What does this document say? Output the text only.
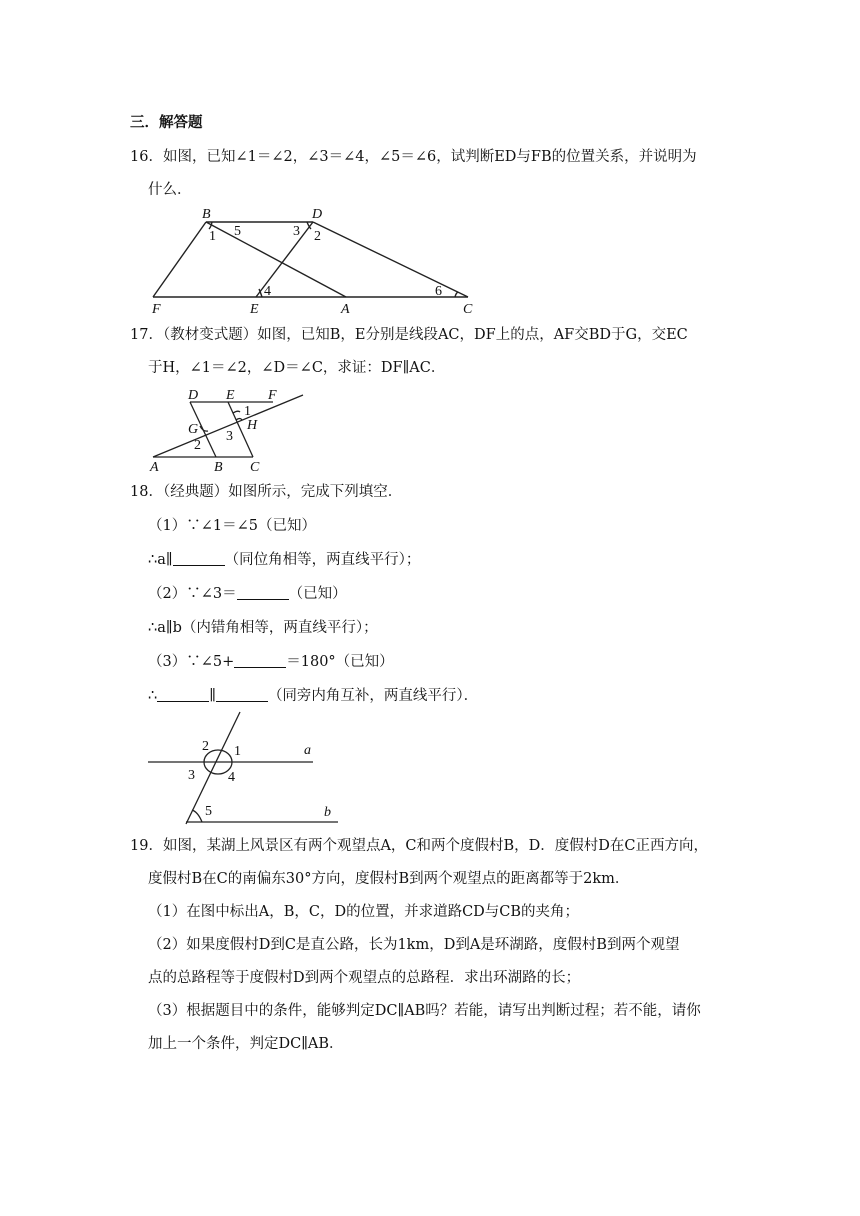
三．解答题
16．如图，已知∠1＝∠2，∠3＝∠4，∠5＝∠6，试判断ED与FB的位置关系，并说明为
什么．
B	D
F	E	A	C
1 5	3 2
4	6
17．（教材变式题）如图，已知B，E分别是线段AC，DF上的点，AF交BD于G，交EC
于H，∠1＝∠2，∠D＝∠C，求证：DF∥AC．
D E F
G	H
A	B C
1
2
3
18．（经典题）如图所示，完成下列填空．
（1）∵∠1＝∠5（已知）
∴a∥	（同位角相等，两直线平行）；
（2）∵∠3＝	（已知）
∴a∥b（内错角相等，两直线平行）；
（3）∵∠5+	＝180°（已知）
∴	∥	（同旁内角互补，两直线平行）．
2 1
3 4
5
a
b
19．如图，某湖上风景区有两个观望点A，C和两个度假村B，D．度假村D在C正西方向，
度假村B在C的南偏东30°方向，度假村B到两个观望点的距离都等于2km．
（1）在图中标出A，B，C，D的位置，并求道路CD与CB的夹角；
（2）如果度假村D到C是直公路，长为1km，D到A是环湖路，度假村B到两个观望
点的总路程等于度假村D到两个观望点的总路程．求出环湖路的长；
（3）根据题目中的条件，能够判定DC∥AB吗？若能，请写出判断过程；若不能，请你
加上一个条件，判定DC∥AB．
